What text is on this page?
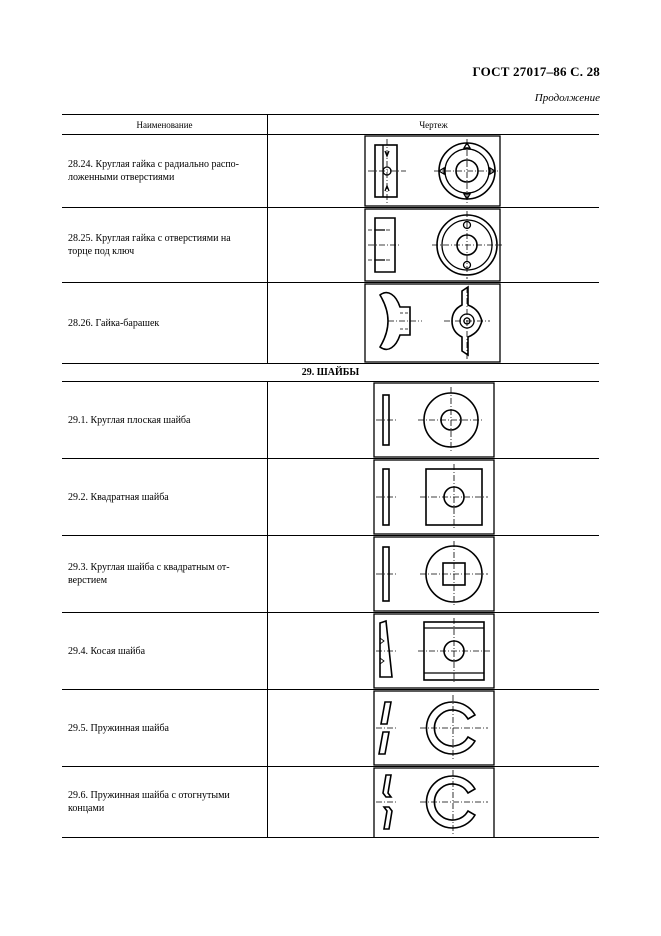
ГОСТ 27017–86 С. 28
Продолжение
Наименование	Чертеж
28.24. Круглая гайка с радиально распо-
ложенными отверстиями	

28.25. Круглая гайка с отверстиями на
торце под ключ	

28.26. Гайка-барашек	

29. ШАЙБЫ	
29.1. Круглая плоская шайба	

29.2. Квадратная шайба	

29.3. Круглая шайба с квадратным от-
верстием	

29.4. Косая шайба	

29.5. Пружинная шайба	

29.6. Пружинная шайба с отогнутыми
концами	
